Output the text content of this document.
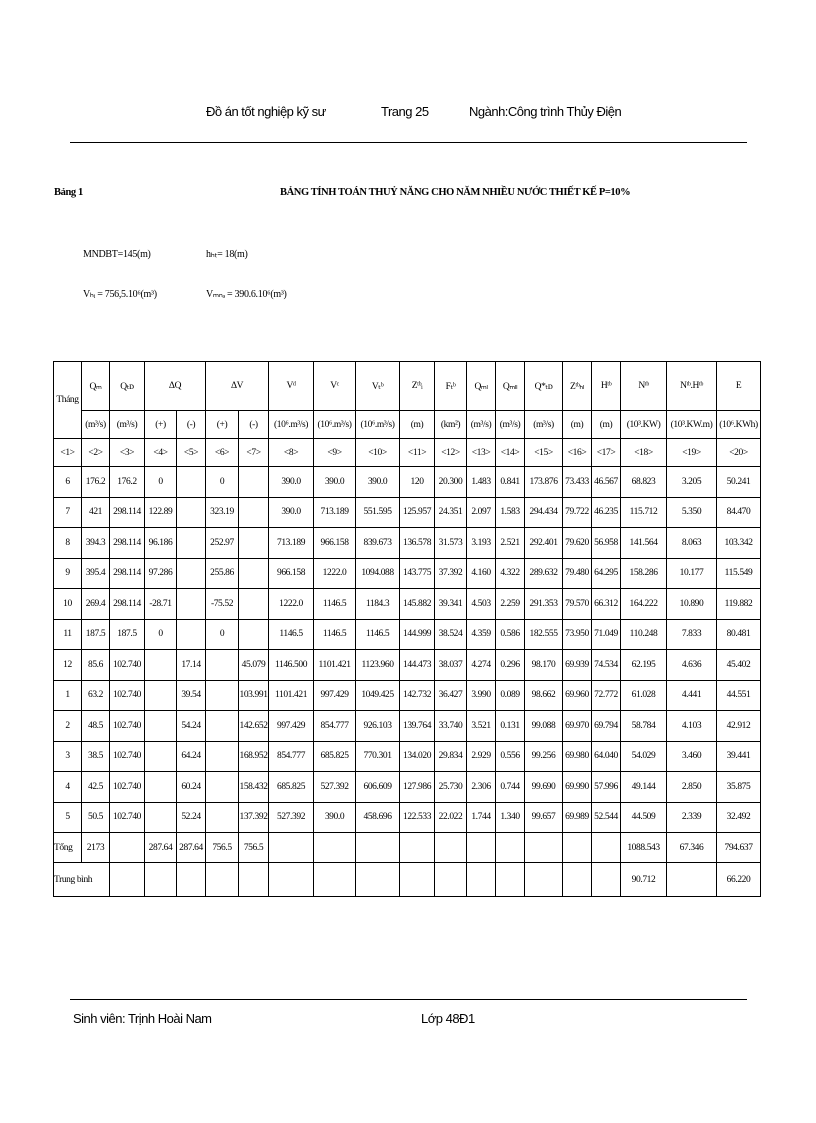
Đồ án tốt nghiệp kỹ sư	Trang 25	Ngành:Công trình Thủy Điện
Bảng 1	BẢNG TÍNH TOÁN THUỶ NĂNG CHO NĂM NHIỀU NƯỚC THIẾT KẾ P=10%
MNDBT=145(m)	hₕₜ= 18(m)
Vₕᵢ = 756,5.10⁶(m³)	Vₘₙₔ = 390.6.10⁶(m³)
Tháng	Qₘ	Qₜᴅ	ΔQ		ΔV		Vᵈ	Vᶜ	Vₜᵇ	Zᵗᵇᵢ	Fₜᵇ	Qₘₗ	Qₘₗₗ	Q*ₜᴅ	Zᵗᵇₕₗ	Hᵗᵇ	Nᵗᵇ	Nᵗᵇ.Hᵗᵇ	E
	(m³/s)	(m³/s)	(+)	(-)	(+)	(-)	(10⁶.m³/s)	(10⁶.m³/s)	(10⁶.m³/s)	(m)	(km²)	(m³/s)	(m³/s)	(m³/s)	(m)	(m)	(10³.KW)	(10³.KW.m)	(10⁶.KWh)
<1>	<2>	<3>	<4>	<5>	<6>	<7>	<8>	<9>	<10>	<11>	<12>	<13>	<14>	<15>	<16>	<17>	<18>	<19>	<20>
6	176.2	176.2	0		0		390.0	390.0	390.0	120	20.300	1.483	0.841	173.876	73.433	46.567	68.823	3.205	50.241
7	421	298.114	122.89		323.19		390.0	713.189	551.595	125.957	24.351	2.097	1.583	294.434	79.722	46.235	115.712	5.350	84.470
8	394.3	298.114	96.186		252.97		713.189	966.158	839.673	136.578	31.573	3.193	2.521	292.401	79.620	56.958	141.564	8.063	103.342
9	395.4	298.114	97.286		255.86		966.158	1222.0	1094.088	143.775	37.392	4.160	4.322	289.632	79.480	64.295	158.286	10.177	115.549
10	269.4	298.114	-28.71		-75.52		1222.0	1146.5	1184.3	145.882	39.341	4.503	2.259	291.353	79.570	66.312	164.222	10.890	119.882
11	187.5	187.5	0		0		1146.5	1146.5	1146.5	144.999	38.524	4.359	0.586	182.555	73.950	71.049	110.248	7.833	80.481
12	85.6	102.740		17.14		45.079	1146.500	1101.421	1123.960	144.473	38.037	4.274	0.296	98.170	69.939	74.534	62.195	4.636	45.402
1	63.2	102.740		39.54		103.991	1101.421	997.429	1049.425	142.732	36.427	3.990	0.089	98.662	69.960	72.772	61.028	4.441	44.551
2	48.5	102.740		54.24		142.652	997.429	854.777	926.103	139.764	33.740	3.521	0.131	99.088	69.970	69.794	58.784	4.103	42.912
3	38.5	102.740		64.24		168.952	854.777	685.825	770.301	134.020	29.834	2.929	0.556	99.256	69.980	64.040	54.029	3.460	39.441
4	42.5	102.740		60.24		158.432	685.825	527.392	606.609	127.986	25.730	2.306	0.744	99.690	69.990	57.996	49.144	2.850	35.875
5	50.5	102.740		52.24		137.392	527.392	390.0	458.696	122.533	22.022	1.744	1.340	99.657	69.989	52.544	44.509	2.339	32.492
Tổng	2173		287.64	287.64	756.5	756.5											1088.543	67.346	794.637
Trung bình																	90.712		66.220
Sinh viên: Trịnh Hoài Nam	Lớp 48Đ1
